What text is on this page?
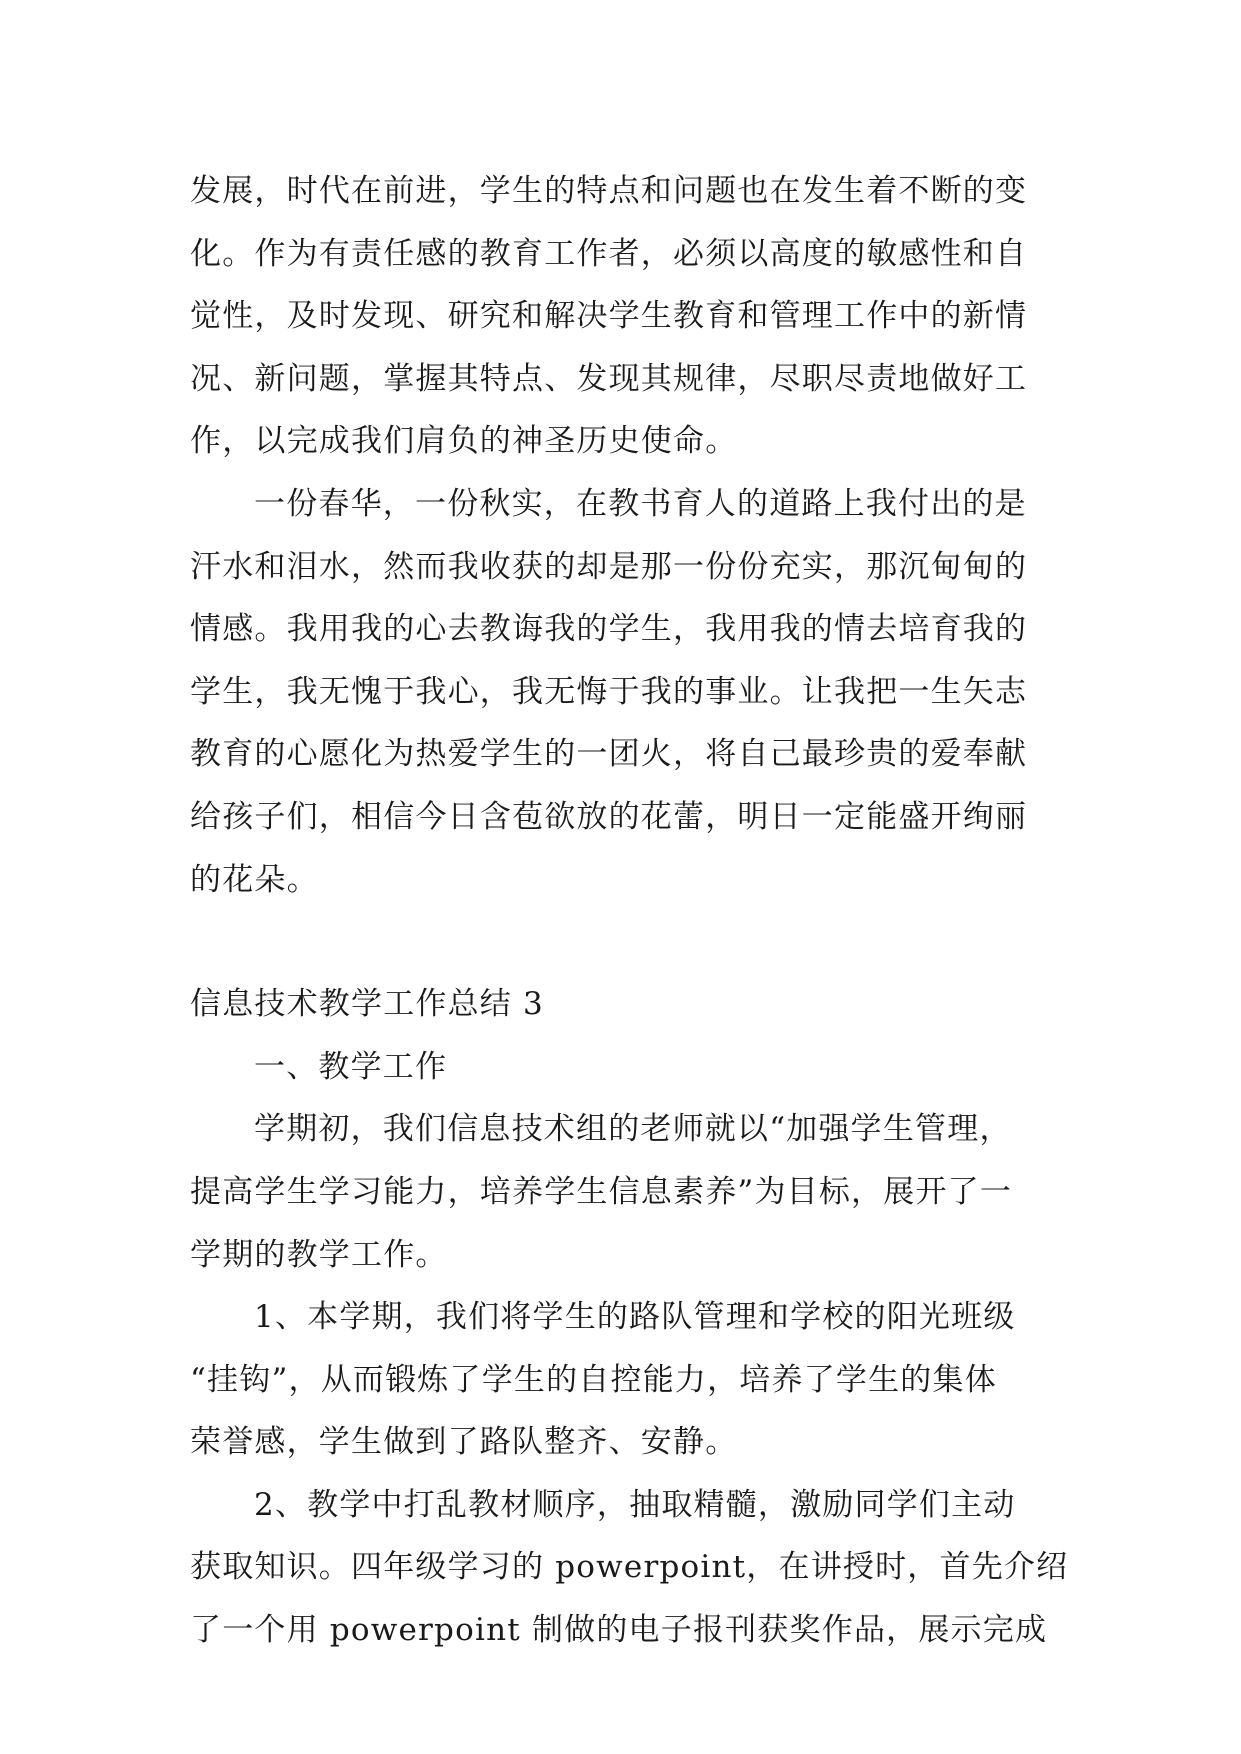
发展，时代在前进，学生的特点和问题也在发生着不断的变
化。作为有责任感的教育工作者，必须以高度的敏感性和自
觉性，及时发现、研究和解决学生教育和管理工作中的新情
况、新问题，掌握其特点、发现其规律，尽职尽责地做好工
作，以完成我们肩负的神圣历史使命。
一份春华，一份秋实，在教书育人的道路上我付出的是
汗水和泪水，然而我收获的却是那一份份充实，那沉甸甸的
情感。我用我的心去教诲我的学生，我用我的情去培育我的
学生，我无愧于我心，我无悔于我的事业。让我把一生矢志
教育的心愿化为热爱学生的一团火，将自己最珍贵的爱奉献
给孩子们，相信今日含苞欲放的花蕾，明日一定能盛开绚丽
的花朵。

信息技术教学工作总结 3

一、教学工作

学期初，我们信息技术组的老师就以“加强学生管理，
提高学生学习能力，培养学生信息素养”为目标，展开了一
学期的教学工作。
1、本学期，我们将学生的路队管理和学校的阳光班级
“挂钩”，从而锻炼了学生的自控能力，培养了学生的集体
荣誉感，学生做到了路队整齐、安静。
2、教学中打乱教材顺序，抽取精髓，激励同学们主动
获取知识。四年级学习的 powerpoint，在讲授时，首先介绍
了一个用 powerpoint 制做的电子报刊获奖作品，展示完成
